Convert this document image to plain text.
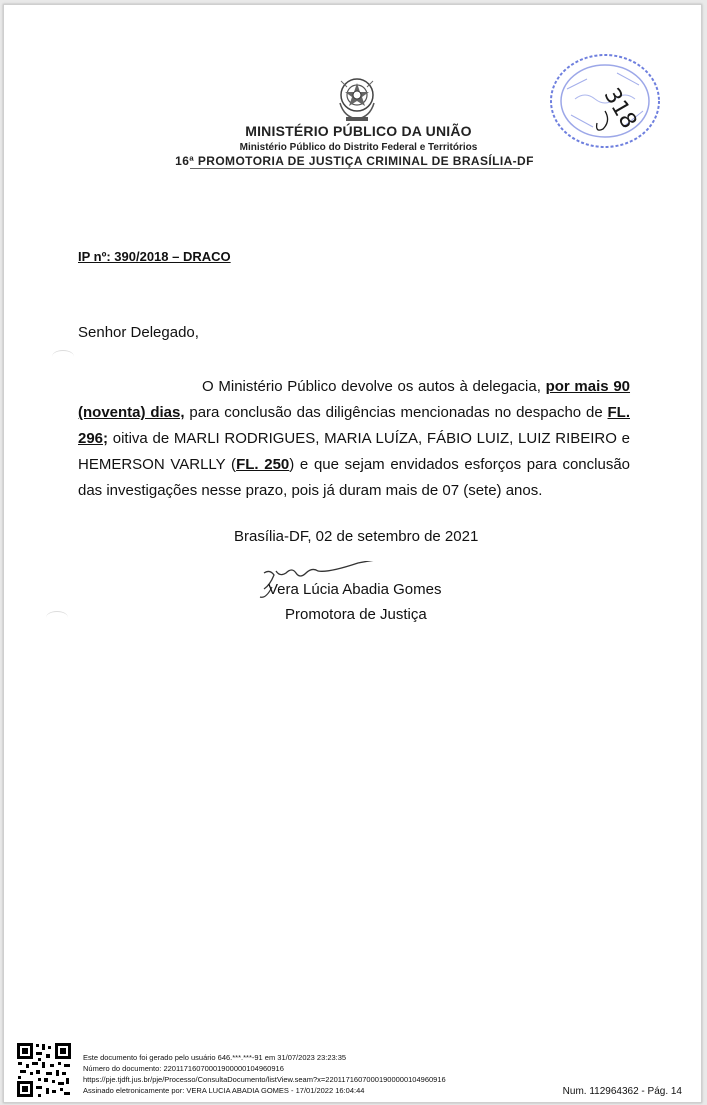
MINISTÉRIO PÚBLICO DA UNIÃO
Ministério Público do Distrito Federal e Territórios
16ª PROMOTORIA DE JUSTIÇA CRIMINAL DE BRASÍLIA-DF
318
IP nº: 390/2018 – DRACO
Senhor Delegado,
O Ministério Público devolve os autos à delegacia, por mais 90 (noventa) dias, para conclusão das diligências mencionadas no despacho de FL. 296; oitiva de MARLI RODRIGUES, MARIA LUÍZA, FÁBIO LUIZ, LUIZ RIBEIRO e HEMERSON VARLLY (FL. 250) e que sejam envidados esforços para conclusão das investigações nesse prazo, pois já duram mais de 07 (sete) anos.
Brasília-DF, 02 de setembro de 2021
Vera Lúcia Abadia Gomes
Promotora de Justiça
Este documento foi gerado pelo usuário 646.***.***-91 em 31/07/2023 23:23:35
Número do documento: 22011716070001900000104960916
https://pje.tjdft.jus.br/pje/Processo/ConsultaDocumento/listView.seam?x=22011716070001900000104960916
Assinado eletronicamente por: VERA LUCIA ABADIA GOMES - 17/01/2022 16:04:44	Num. 112964362 - Pág. 14
